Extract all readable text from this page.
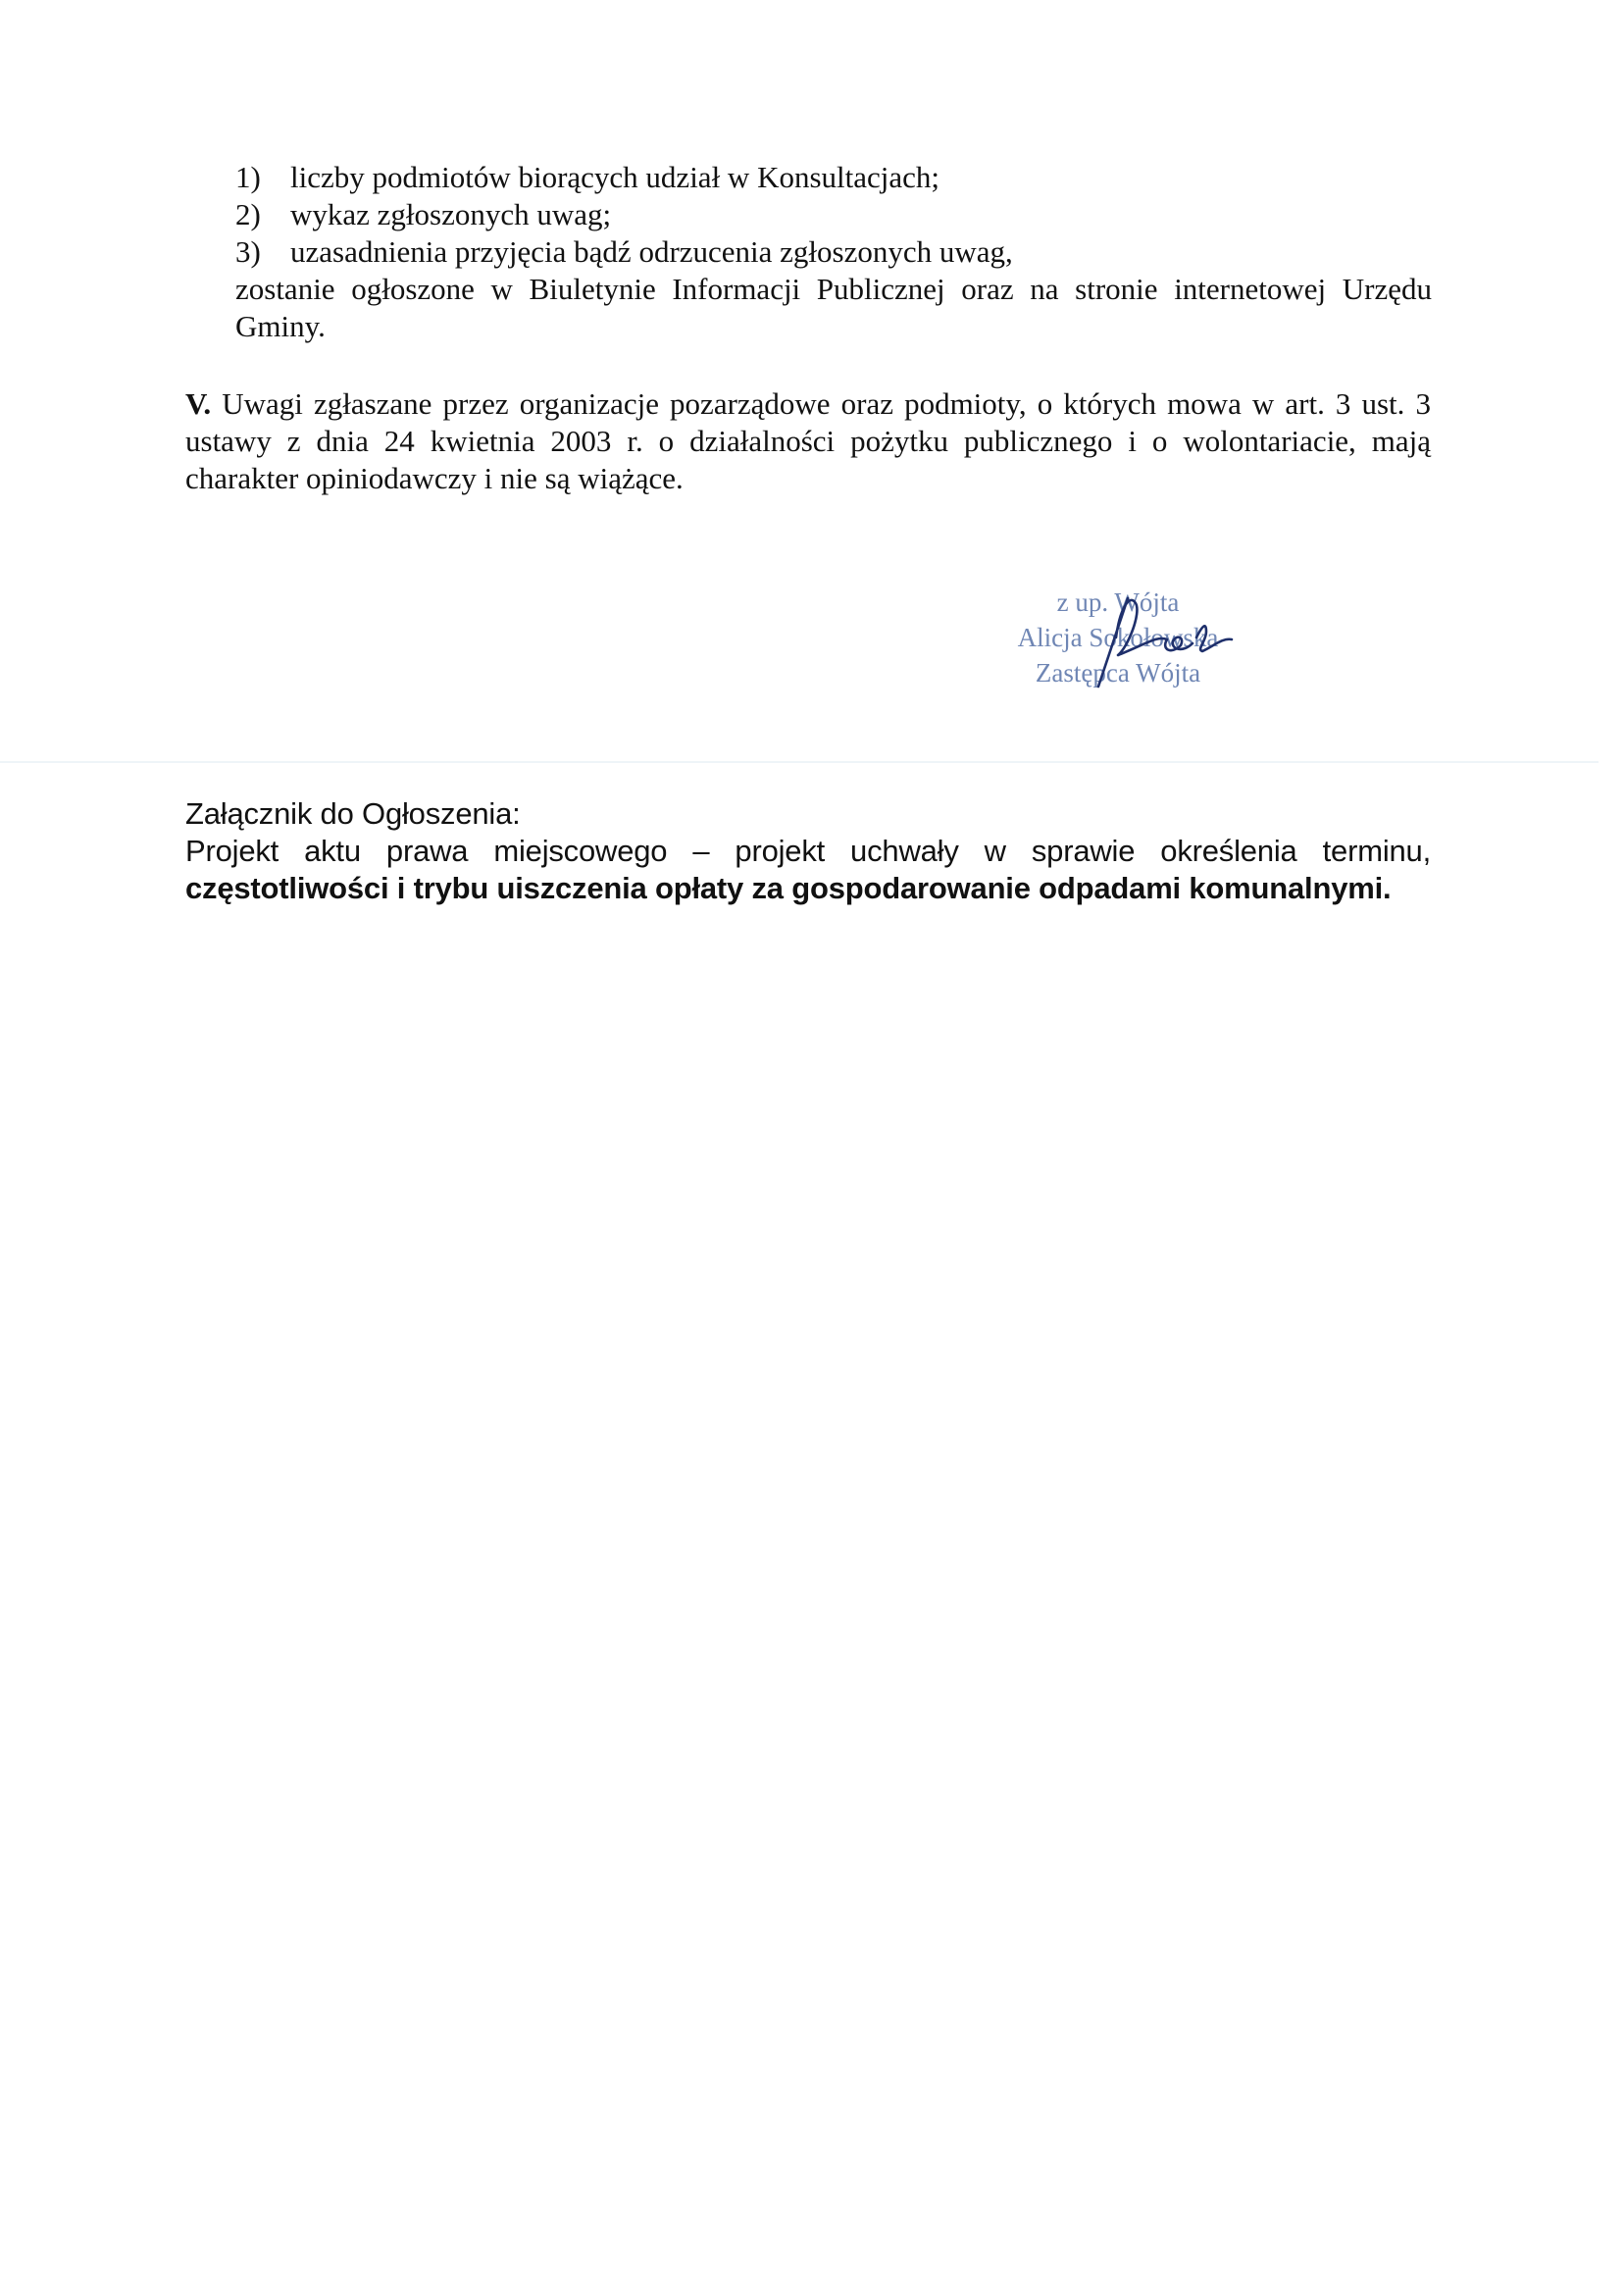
1) liczby podmiotów biorących udział w Konsultacjach;
2) wykaz zgłoszonych uwag;
3) uzasadnienia przyjęcia bądź odrzucenia zgłoszonych uwag,
zostanie ogłoszone w Biuletynie Informacji Publicznej oraz na stronie internetowej Urzędu Gminy.
V. Uwagi zgłaszane przez organizacje pozarządowe oraz podmioty, o których mowa w art. 3 ust. 3 ustawy z dnia 24 kwietnia 2003 r. o działalności pożytku publicznego i o wolontariacie, mają charakter opiniodawczy i nie są wiążące.
z up. Wójta
Alicja Sokołowska
Zastępca Wójta
Załącznik do Ogłoszenia:
Projekt aktu prawa miejscowego – projekt uchwały w sprawie określenia terminu, częstotliwości i trybu uiszczenia opłaty za gospodarowanie odpadami komunalnymi.
